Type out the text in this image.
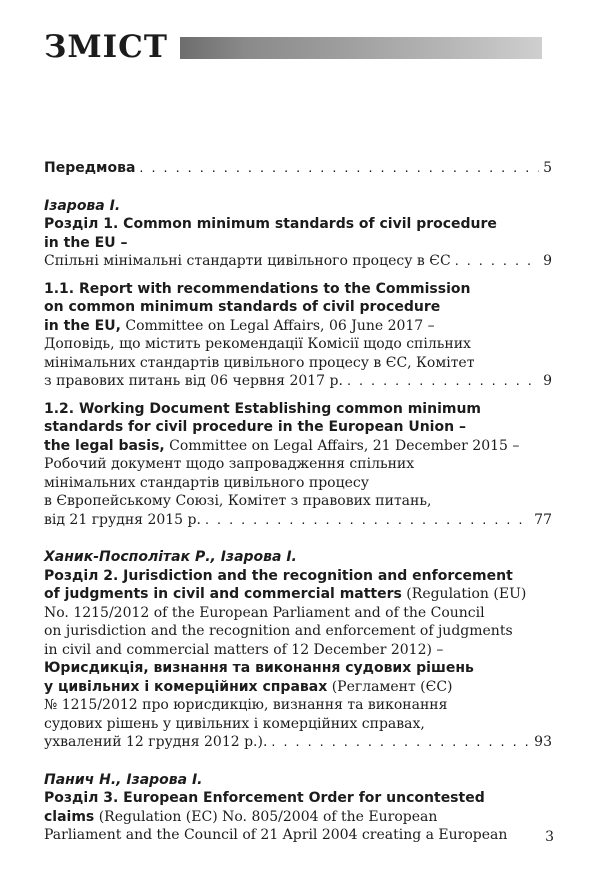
ЗМІСТ
Передмова . . .	5
Ізарова І.
Розділ 1. Common minimum standards of civil procedure
in the EU –
Спільні мінімальні стандарти цивільного процесу в ЄС . . .	9
1.1. Report with recommendations to the Commission
on common minimum standards of civil procedure
in the EU, Committee on Legal Affairs, 06 June 2017 –
Доповідь, що містить рекомендації Комісії щодо спільних
мінімальних стандартів цивільного процесу в ЄС, Комітет
з правових питань від 06 червня 2017 р. . . .	9
1.2. Working Document Establishing common minimum
standards for civil procedure in the European Union –
the legal basis, Committee on Legal Affairs, 21 December 2015 –
Робочий документ щодо запровадження спільних
мінімальних стандартів цивільного процесу
в Європейському Союзі, Комітет з правових питань,
від 21 грудня 2015 р. . . .	77
Ханик-Посполітак Р., Ізарова І.
Розділ 2. Jurisdiction and the recognition and enforcement
of judgments in civil and commercial matters (Regulation (EU)
No. 1215/2012 of the European Parliament and of the Council
on jurisdiction and the recognition and enforcement of judgments
in civil and commercial matters of 12 December 2012) –
Юрисдикція, визнання та виконання судових рішень
у цивільних і комерційних справах (Регламент (ЄС)
№ 1215/2012 про юрисдикцію, визнання та виконання
судових рішень у цивільних і комерційних справах,
ухвалений 12 грудня 2012 р.). . . .	93
Панич Н., Ізарова І.
Розділ 3. European Enforcement Order for uncontested
claims (Regulation (EC) No. 805/2004 of the European
Parliament and the Council of 21 April 2004 creating a European	3
